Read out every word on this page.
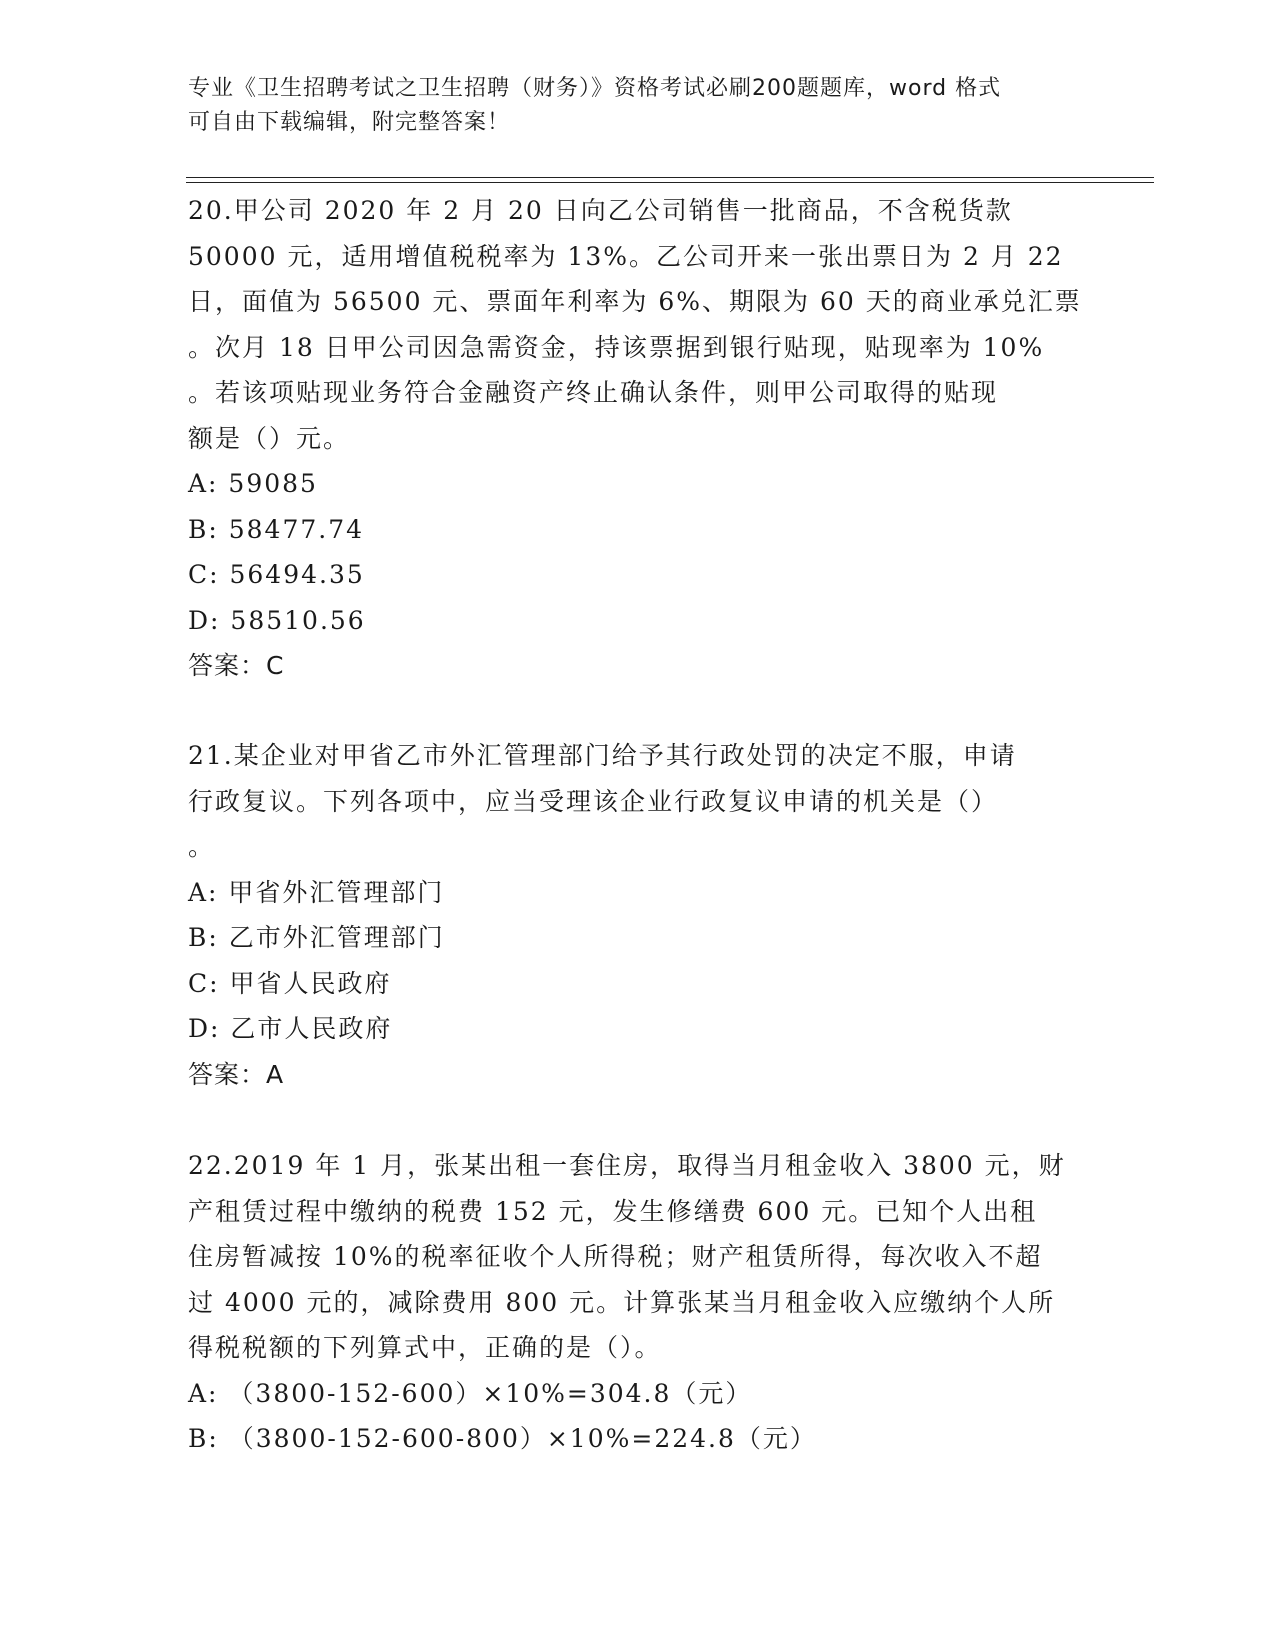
专业《卫生招聘考试之卫生招聘（财务）》资格考试必刷200题题库，word 格式
可自由下载编辑，附完整答案！

20.甲公司 2020 年 2 月 20 日向乙公司销售一批商品，不含税货款

50000 元，适用增值税税率为 13%。乙公司开来一张出票日为 2 月 22

日，面值为 56500 元、票面年利率为 6%、期限为 60 天的商业承兑汇票

。次月 18 日甲公司因急需资金，持该票据到银行贴现，贴现率为 10%

。若该项贴现业务符合金融资产终止确认条件，则甲公司取得的贴现

额是（）元。

A: 59085

B: 58477.74

C: 56494.35

D: 58510.56

答案：C

21.某企业对甲省乙市外汇管理部门给予其行政处罚的决定不服，申请

行政复议。下列各项中，应当受理该企业行政复议申请的机关是（）

。

A: 甲省外汇管理部门

B: 乙市外汇管理部门

C: 甲省人民政府

D: 乙市人民政府

答案：A

22.2019 年 1 月，张某出租一套住房，取得当月租金收入 3800 元，财

产租赁过程中缴纳的税费 152 元，发生修缮费 600 元。已知个人出租

住房暂减按 10%的税率征收个人所得税；财产租赁所得，每次收入不超

过 4000 元的，减除费用 800 元。计算张某当月租金收入应缴纳个人所

得税税额的下列算式中，正确的是（）。

A: （3800-152-600）×10%=304.8（元）

B: （3800-152-600-800）×10%=224.8（元）
